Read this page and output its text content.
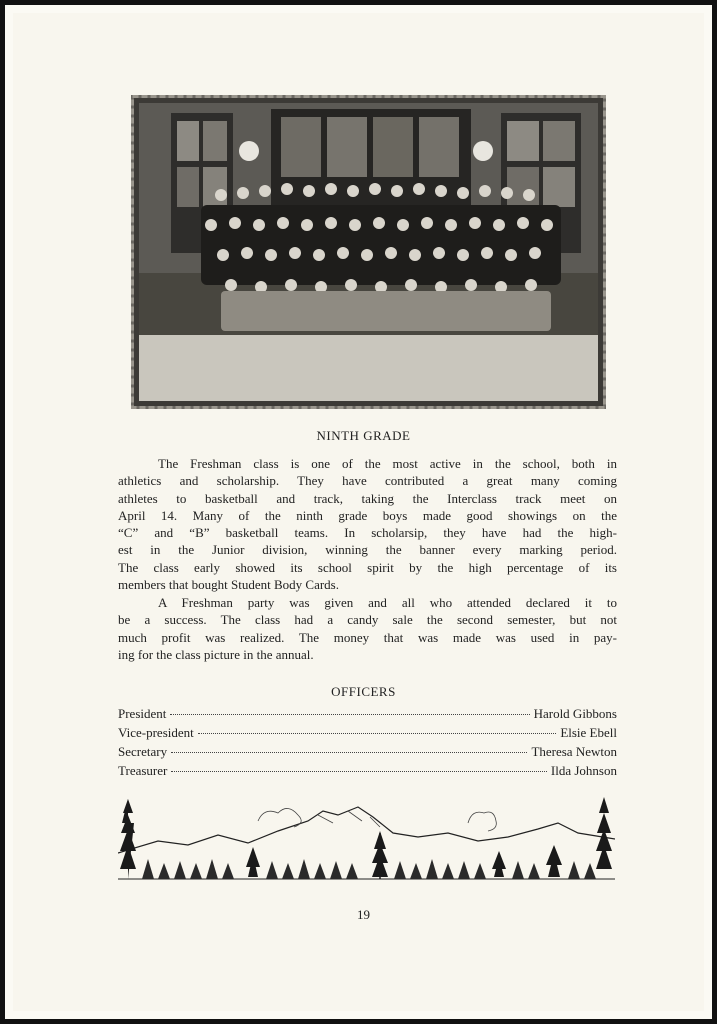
NINTH GRADE

The Freshman class is one of the most active in the school, both in
athletics and scholarship. They have contributed a great many coming
athletes to basketball and track, taking the Interclass track meet on
April 14. Many of the ninth grade boys made good showings on the
“C” and “B” basketball teams. In scholarsip, they have had the high-
est in the Junior division, winning the banner every marking period.
The class early showed its school spirit by the high percentage of its
members that bought Student Body Cards.

A Freshman party was given and all who attended declared it to
be a success. The class had a candy sale the second semester, but not
much profit was realized. The money that was made was used in pay-
ing for the class picture in the annual.

OFFICERS
President	Harold Gibbons
Vice-president	Elsie Ebell
Secretary	Theresa Newton
Treasurer	Ilda Johnson
19
